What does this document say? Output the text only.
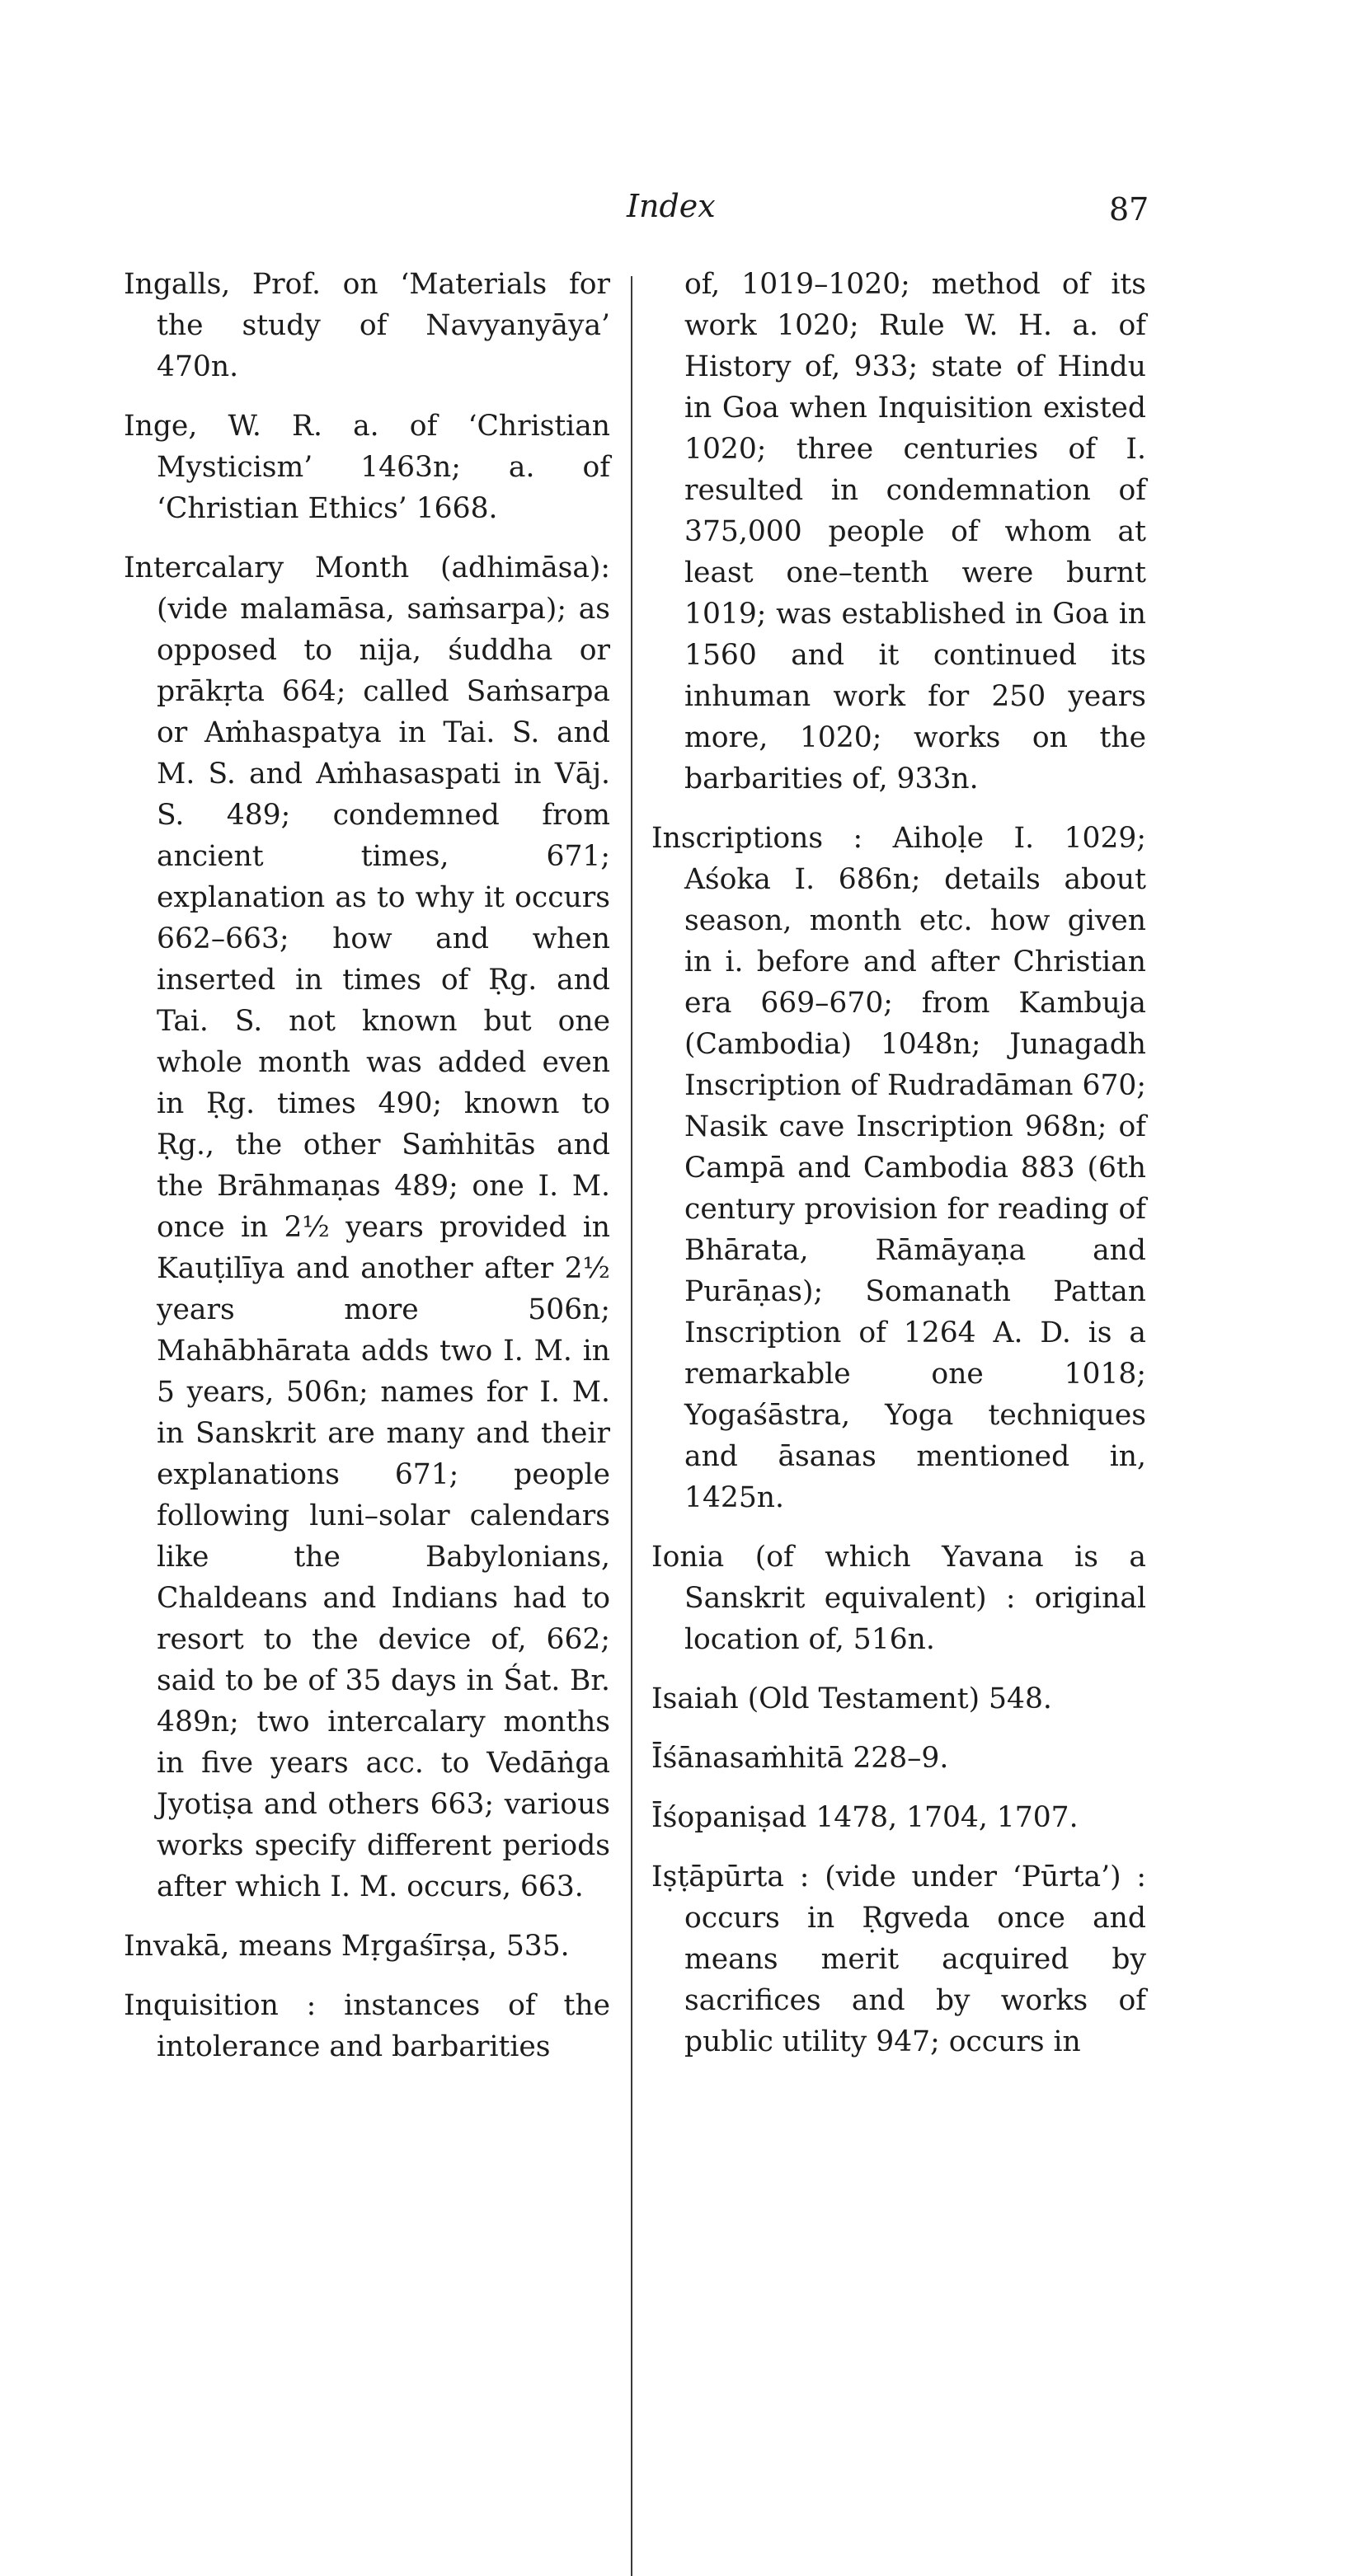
Index	87

Ingalls, Prof. on ‘Materials for the study of Navyanyāya’ 470n.

Inge, W. R. a. of ‘Christian Mysticism’ 1463n; a. of ‘Christian Ethics’ 1668.

Intercalary Month (adhimāsa): (vide malamāsa, saṁsarpa); as opposed to nija, śuddha or prākṛta 664; called Saṁsarpa or Aṁhaspatya in Tai. S. and M. S. and Aṁhasaspati in Vāj. S. 489; condemned from ancient times, 671; explanation as to why it occurs 662–663; how and when inserted in times of Ṛg. and Tai. S. not known but one whole month was added even in Ṛg. times 490; known to Ṛg., the other Saṁhitās and the Brāhmaṇas 489; one I. M. once in 2½ years provided in Kauṭilīya and another after 2½ years more 506n; Mahābhārata adds two I. M. in 5 years, 506n; names for I. M. in Sanskrit are many and their explanations 671; people following luni–solar calendars like the Babylonians, Chaldeans and Indians had to resort to the device of, 662; said to be of 35 days in Śat. Br. 489n; two intercalary months in five years acc. to Vedāṅga Jyotiṣa and others 663; various works specify different periods after which I. M. occurs, 663.

Invakā, means Mṛgaśīrṣa, 535.

Inquisition : instances of the intolerance and barbarities

of, 1019–1020; method of its work 1020; Rule W. H. a. of History of, 933; state of Hindu in Goa when Inquisition existed 1020; three centuries of I. resulted in condemnation of 375,000 people of whom at least one–tenth were burnt 1019; was established in Goa in 1560 and it continued its inhuman work for 250 years more, 1020; works on the barbarities of, 933n.

Inscriptions : Aihoḷe I. 1029; Aśoka I. 686n; details about season, month etc. how given in i. before and after Christian era 669–670; from Kambuja (Cambodia) 1048n; Junagadh Inscription of Rudradāman 670; Nasik cave Inscription 968n; of Campā and Cambodia 883 (6th century provision for reading of Bhārata, Rāmāyaṇa and Purāṇas); Somanath Pattan Inscription of 1264 A. D. is a remarkable one 1018; Yogaśāstra, Yoga techniques and āsanas mentioned in, 1425n.

Ionia (of which Yavana is a Sanskrit equivalent) : original location of, 516n.

Isaiah (Old Testament) 548.

Īśānasaṁhitā 228–9.

Īśopaniṣad 1478, 1704, 1707.

Iṣṭāpūrta : (vide under ‘Pūrta’) : occurs in Ṛgveda once and means merit acquired by sacrifices and by works of public utility 947; occurs in
